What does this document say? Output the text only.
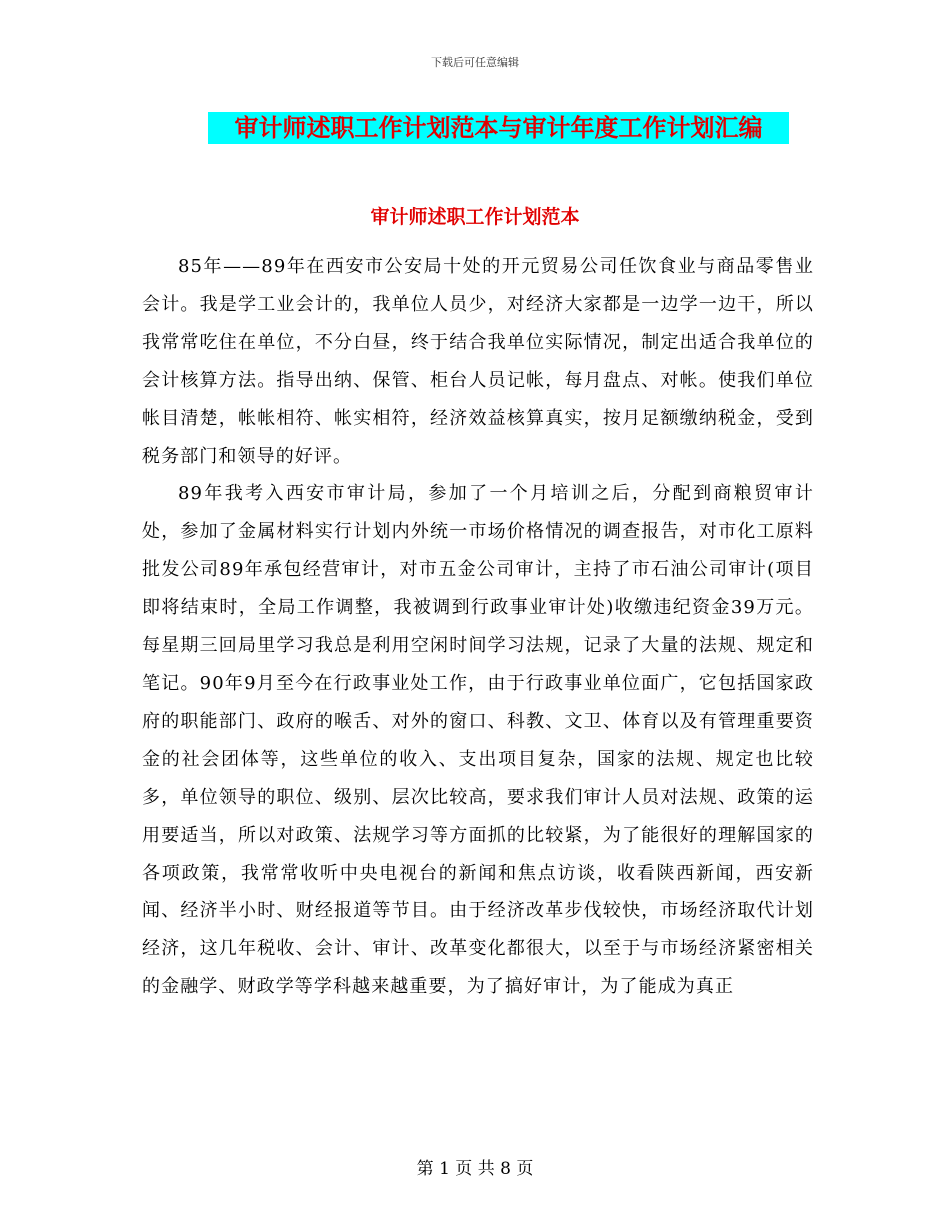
下载后可任意编辑
审计师述职工作计划范本与审计年度工作计划汇编
审计师述职工作计划范本

85年——89年在西安市公安局十处的开元贸易公司任饮食业与商品零售业会计。我是学工业会计的，我单位人员少，对经济大家都是一边学一边干，所以我常常吃住在单位，不分白昼，终于结合我单位实际情况，制定出适合我单位的会计核算方法。指导出纳、保管、柜台人员记帐，每月盘点、对帐。使我们单位帐目清楚，帐帐相符、帐实相符，经济效益核算真实，按月足额缴纳税金，受到税务部门和领导的好评。

89年我考入西安市审计局，参加了一个月培训之后，分配到商粮贸审计处，参加了金属材料实行计划内外统一市场价格情况的调查报告，对市化工原料批发公司89年承包经营审计，对市五金公司审计，主持了市石油公司审计(项目即将结束时，全局工作调整，我被调到行政事业审计处)收缴违纪资金39万元。每星期三回局里学习我总是利用空闲时间学习法规，记录了大量的法规、规定和笔记。90年9月至今在行政事业处工作，由于行政事业单位面广，它包括国家政府的职能部门、政府的喉舌、对外的窗口、科教、文卫、体育以及有管理重要资金的社会团体等，这些单位的收入、支出项目复杂，国家的法规、规定也比较多，单位领导的职位、级别、层次比较高，要求我们审计人员对法规、政策的运用要适当，所以对政策、法规学习等方面抓的比较紧，为了能很好的理解国家的各项政策，我常常收听中央电视台的新闻和焦点访谈，收看陕西新闻，西安新闻、经济半小时、财经报道等节目。由于经济改革步伐较快，市场经济取代计划经济，这几年税收、会计、审计、改革变化都很大，以至于与市场经济紧密相关的金融学、财政学等学科越来越重要，为了搞好审计，为了能成为真正

第 1 页 共 8 页
